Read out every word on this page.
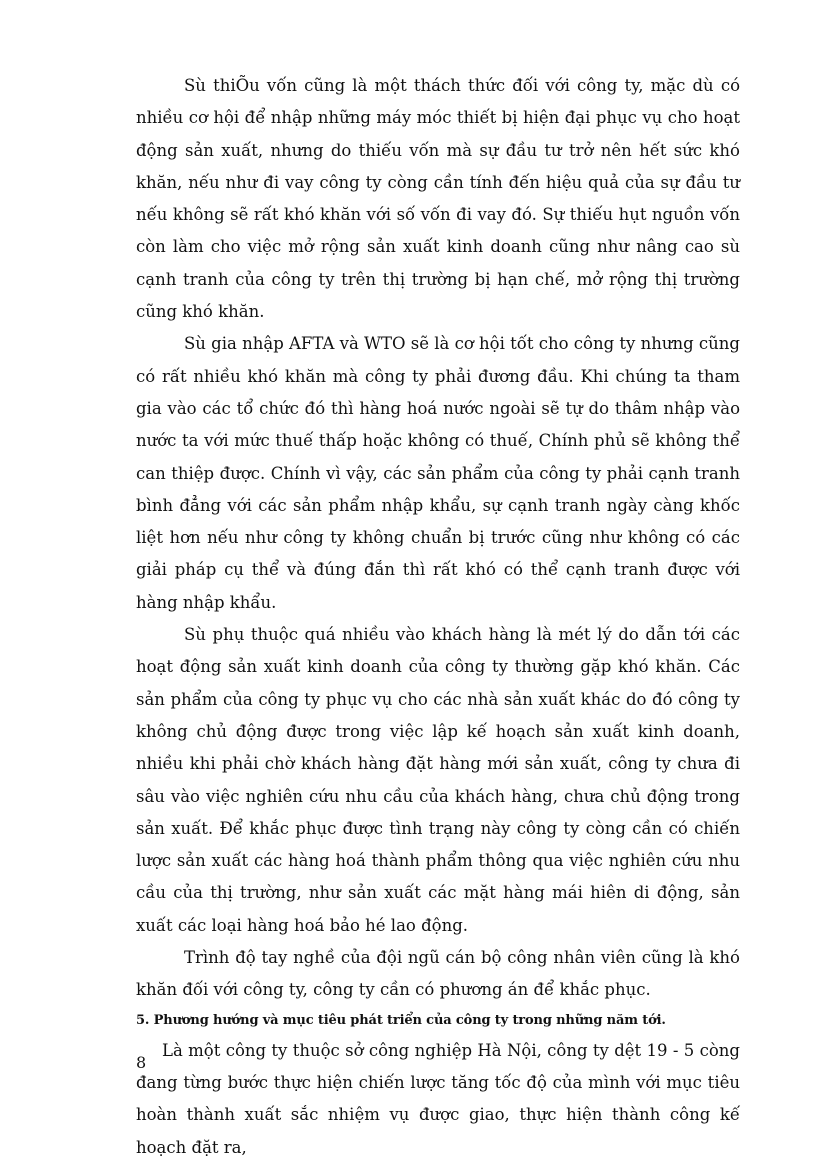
Sù thiÕu vốn cũng là một thách thức đối với công ty, mặc dù có nhiều cơ hội để nhập những máy móc thiết bị hiện đại phục vụ cho hoạt động sản xuất, nhưng do thiếu vốn mà sự đầu tư trở nên hết sức khó khăn, nếu như đi vay công ty còng cần tính đến hiệu quả của sự đầu tư nếu không sẽ rất khó khăn với số vốn đi vay đó. Sự thiếu hụt nguồn vốn còn làm cho việc mở rộng sản xuất kinh doanh cũng như nâng cao sù cạnh tranh của công ty trên thị trường bị hạn chế, mở rộng thị trường cũng khó khăn.

Sù gia nhập AFTA và WTO sẽ là cơ hội tốt cho công ty nhưng cũng có rất nhiều khó khăn mà công ty phải đương đầu. Khi chúng ta tham gia vào các tổ chức đó thì hàng hoá nước ngoài sẽ tự do thâm nhập vào nước ta với mức thuế thấp hoặc không có thuế, Chính phủ sẽ không thể can thiệp được. Chính vì vậy, các sản phẩm của công ty phải cạnh tranh bình đẳng với các sản phẩm nhập khẩu, sự cạnh tranh ngày càng khốc liệt hơn nếu như công ty không chuẩn bị trước cũng như không có các giải pháp cụ thể và đúng đắn thì rất khó có thể cạnh tranh được với hàng nhập khẩu.

Sù phụ thuộc quá nhiều vào khách hàng là mét lý do dẫn tới các hoạt động sản xuất kinh doanh của công ty thường gặp khó khăn. Các sản phẩm của công ty phục vụ cho các nhà sản xuất khác do đó công ty không chủ động được trong việc lập kế hoạch sản xuất kinh doanh, nhiều khi phải chờ khách hàng đặt hàng mới sản xuất, công ty chưa đi sâu vào việc nghiên cứu nhu cầu của khách hàng, chưa chủ động trong sản xuất. Để khắc phục được tình trạng này công ty còng cần có chiến lược sản xuất các hàng hoá thành phẩm thông qua việc nghiên cứu nhu cầu của thị trường, như sản xuất các mặt hàng mái hiên di động, sản xuất các loại hàng hoá bảo hé lao động.

Trình độ tay nghề của đội ngũ cán bộ công nhân viên cũng là khó khăn đối với công ty, công ty cần có phương án để khắc phục.

5. Phương hướng và mục tiêu phát triển của công ty trong những năm tới.

Là một công ty thuộc sở công nghiệp Hà Nội, công ty dệt 19 - 5 còng đang từng bước thực hiện chiến lược tăng tốc độ của mình với mục tiêu hoàn thành xuất sắc nhiệm vụ được giao, thực hiện thành công kế hoạch đặt ra,

8
